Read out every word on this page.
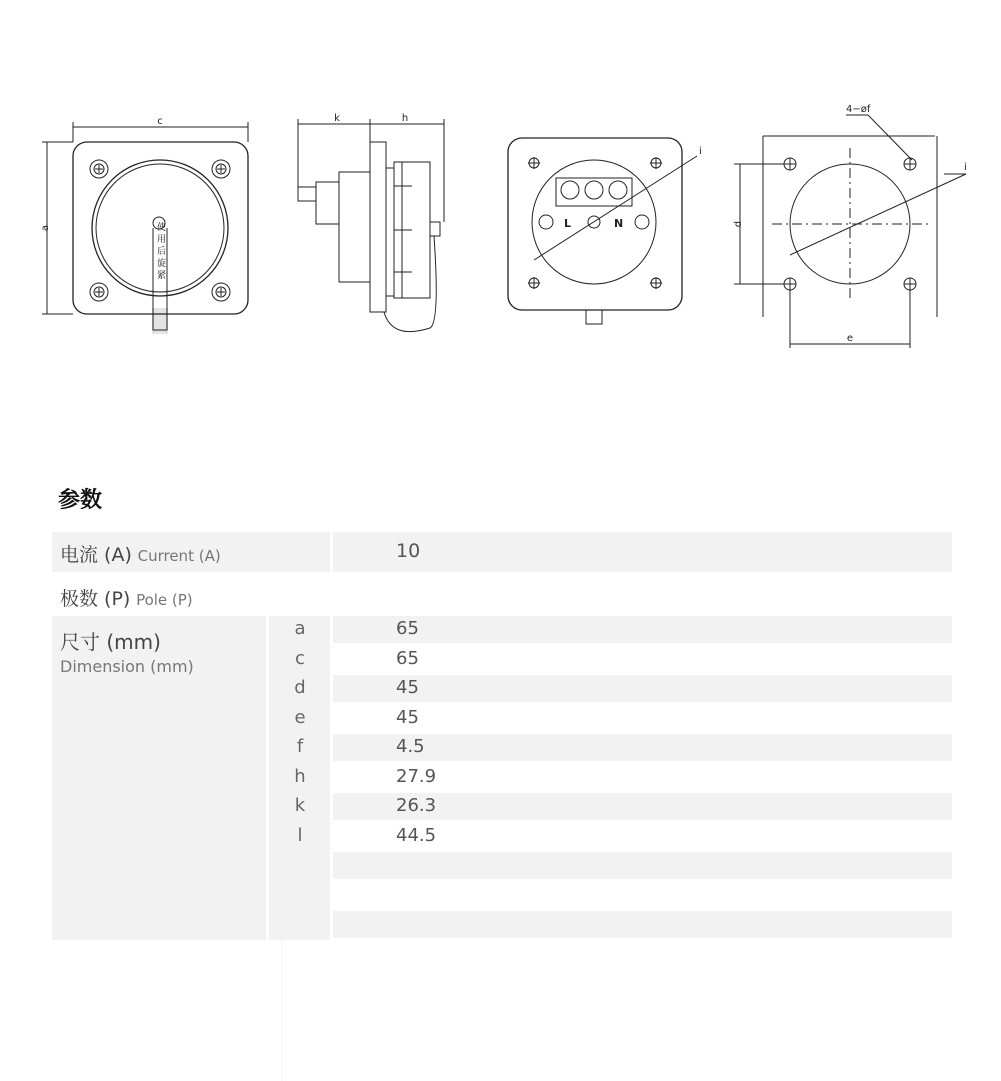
c
a
k	h
i
i
d
e
4−øf
L	N
使用后旋紧
参数
电流 (A) Current (A)	10
极数 (P) Pole (P)
尺寸 (mm)
Dimension (mm)
a	65
c	65
d	45
e	45
f	4.5
h	27.9
k	26.3
l	44.5
